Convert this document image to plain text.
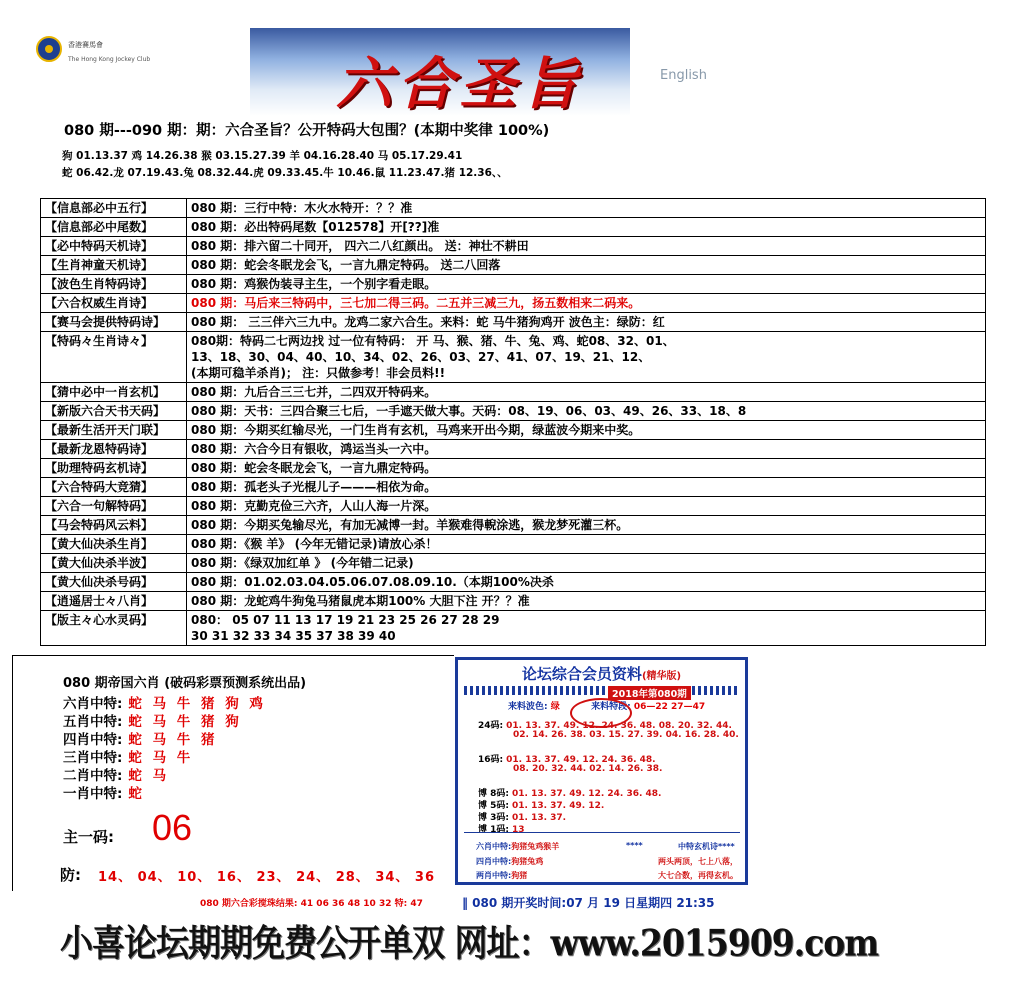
香港賽馬會
The Hong Kong Jockey Club	六合圣旨	English
080 期---090 期：期：六合圣旨？公开特码大包围？(本期中奖律 100%)
狗 01.13.37 鸡 14.26.38 猴 03.15.27.39 羊 04.16.28.40 马 05.17.29.41
蛇 06.42.龙 07.19.43.兔 08.32.44.虎 09.33.45.牛 10.46.鼠 11.23.47.猪 12.36、、
【信息部必中五行】	080 期：三行中特：木火水特开：？？准

【信息部必中尾数】	080 期：必出特码尾数【012578】开[??]准

【必中特码天机诗】	080 期：排六留二十同开， 四六二八红颜出。 送：神壮不耕田

【生肖神童天机诗】	080 期：蛇会冬眠龙会飞，一言九鼎定特码。 送二八回落

【波色生肖特码诗】	080 期：鸡猴伪装寻主生，一个别字看走眼。

【六合权威生肖诗】	080 期：马后来三特码中，三七加二得三码。二五并三减三九，扬五数相来二码来。

【赛马会提供特码诗】	080 期： 三三伴六三九中。龙鸡二家六合生。来料：蛇 马牛猪狗鸡开 波色主：绿防：红

【特码々生肖诗々】	080期：特码二七两边找 过一位有特码： 开 马、猴、猪、牛、兔、鸡、蛇08、32、01、
13、18、30、04、40、10、34、02、26、03、27、41、07、19、21、12、
(本期可稳羊杀肖)； 注：只做参考！非会员料!!

【猜中必中一肖玄机】	080 期：九后合三三七并，二四双开特码来。

【新版六合天书天码】	080 期：天书：三四合聚三七后，一手遮天做大事。天码：08、19、06、03、49、26、33、18、8

【最新生活开天门联】	080 期：今期买红输尽光，一门生肖有玄机，马鸡来开出今期，绿蓝波今期来中奖。

【最新龙恩特码诗】	080 期：六合今日有银收，鸿运当头一六中。

【助理特码玄机诗】	080 期：蛇会冬眠龙会飞，一言九鼎定特码。

【六合特码大竞猜】	080 期：孤老头子光棍儿子———相依为命。

【六合一句解特码】	080 期：克勤克俭三六齐，人山人海一片深。

【马会特码风云料】	080 期：今期买兔输尽光，有加无减博一封。羊猴难得輗涂逃，猴龙梦死灌三杯。

【黄大仙决杀生肖】	080 期：《猴 羊》 (今年无错记录)请放心杀！

【黄大仙决杀半波】	080 期：《绿双加红单 》 (今年错二记录)

【黄大仙决杀号码】	080 期：01.02.03.04.05.06.07.08.09.10.（本期100%决杀

【逍遥居士々八肖】	080 期：龙蛇鸡牛狗兔马猪鼠虎本期100% 大胆下注 开？？准

【版主々心水灵码】	080： 05 07 11 13 17 19 21 23 25 26 27 28 29
30 31 32 33 34 35 37 38 39 40
080 期帝国六肖 (破码彩票预测系统出品)
六肖中特: 蛇 马 牛 猪 狗 鸡
五肖中特: 蛇 马 牛 猪 狗
四肖中特: 蛇 马 牛 猪
三肖中特: 蛇 马 牛
二肖中特: 蛇 马
一肖中特: 蛇
主一码: 06
防: 14、 04、 10、 16、 23、 24、 28、 34、 36
080 期六合彩搅珠结果: 41 06 36 48 10 32 特: 47	‖ 080 期开奖时间:07 月 19 日星期四 21:35
论坛综合会员资料(精华版)
2018年第080期
来料波色: 绿	来料特段: 06—22 27—47
24码: 01. 13. 37. 49. 12. 24. 36. 48. 08. 20. 32. 44.
02. 14. 26. 38. 03. 15. 27. 39. 04. 16. 28. 40.
16码: 01. 13. 37. 49. 12. 24. 36. 48.
08. 20. 32. 44. 02. 14. 26. 38.
博 8码: 01. 13. 37. 49. 12. 24. 36. 48.
博 5码: 01. 13. 37. 49. 12.
博 3码: 01. 13. 37.
博 1码: 13
六肖中特:狗猪兔鸡猴羊
四肖中特:狗猪兔鸡
两肖中特:狗猪
****	中特玄机诗****
两头两顶，七上八落，
大七合数，再得玄机。
小喜论坛期期免费公开单双 网址：www.2015909.com
